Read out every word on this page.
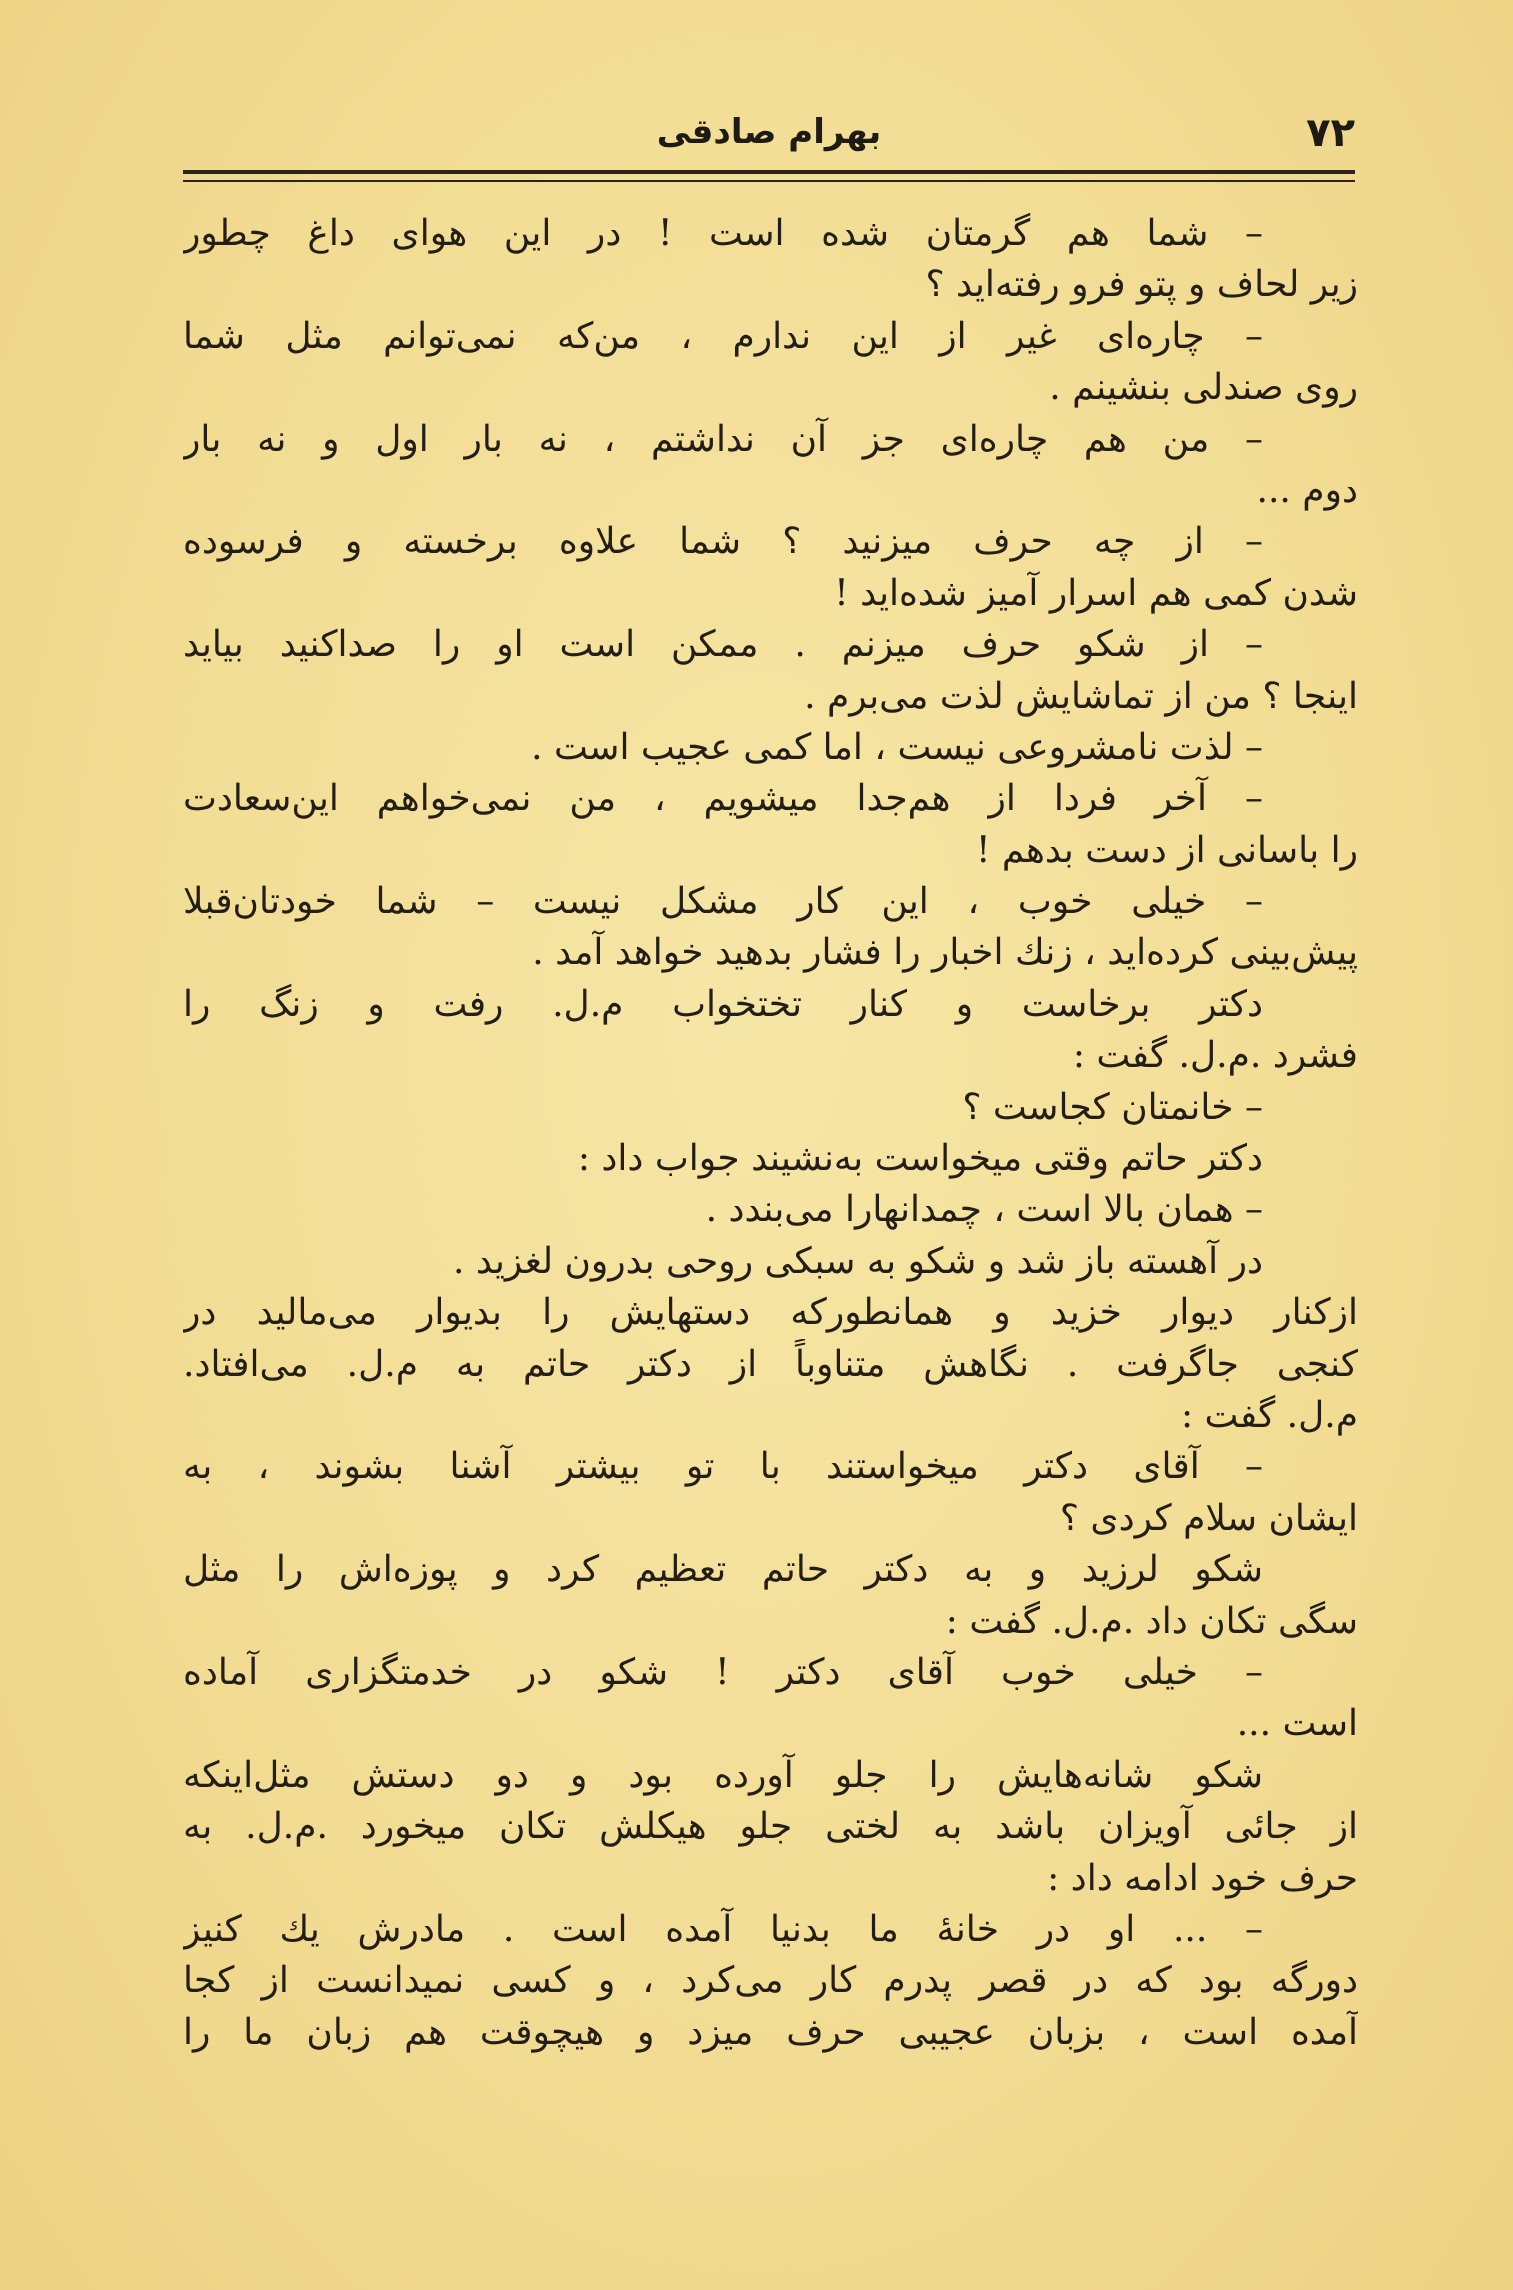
۷۲
بهرام صادقی
– شما هم گرمتان شده است ! در این هوای داغ چطور
زیر لحاف و پتو فرو رفته‌اید ؟
– چاره‌ای غیر از این ندارم ، من‌که نمی‌توانم مثل شما
روی صندلی بنشینم .
– من هم چاره‌ای جز آن نداشتم ، نه بار اول و نه بار
دوم ...
– از چه حرف میزنید ؟ شما علاوه برخسته و فرسوده
شدن کمی هم اسرار آمیز شده‌اید !
– از شکو حرف میزنم . ممکن است او را صداکنید بیاید
اینجا ؟ من از تماشایش لذت می‌برم .
– لذت نامشروعی نیست ، اما کمی عجیب است .
– آخر فردا از هم‌جدا میشویم ، من نمی‌خواهم این‌سعادت
را باسانی از دست بدهم !
– خیلی خوب ، این کار مشکل نیست – شما خودتان‌قبلا
پیش‌بینی کرده‌اید ، زنك اخبار را فشار بدهید خواهد آمد .
دکتر برخاست و کنار تختخواب م.ل. رفت و زنگ را
فشرد .م.ل. گفت :
– خانمتان کجاست ؟
دکتر حاتم وقتی میخواست به‌نشیند جواب داد :
– همان بالا است ، چمدانهارا می‌بندد .
در آهسته باز شد و شکو به سبکی روحی بدرون لغزید .
ازکنار دیوار خزید و همانطورکه دستهایش را بدیوار می‌مالید در
کنجی جاگرفت . نگاهش متناوباً از دکتر حاتم به م.ل. می‌افتاد.
م.ل. گفت :
– آقای دکتر میخواستند با تو بیشتر آشنا بشوند ، به
ایشان سلام کردی ؟
شکو لرزید و به دکتر حاتم تعظیم کرد و پوزه‌اش را مثل
سگی تکان داد .م.ل. گفت :
– خیلی خوب آقای دکتر ! شکو در خدمتگزاری آماده
است ...
شکو شانه‌هایش را جلو آورده بود و دو دستش مثل‌اینکه
از جائی آویزان باشد به لختی جلو هیکلش تکان میخورد .م.ل. به
حرف خود ادامه داد :
– ... او در خانهٔ ما بدنیا آمده است . مادرش یك کنیز
دورگه بود که در قصر پدرم کار می‌کرد ، و کسی نمیدانست از کجا
آمده است ، بزبان عجیبی حرف میزد و هیچوقت هم زبان ما را
